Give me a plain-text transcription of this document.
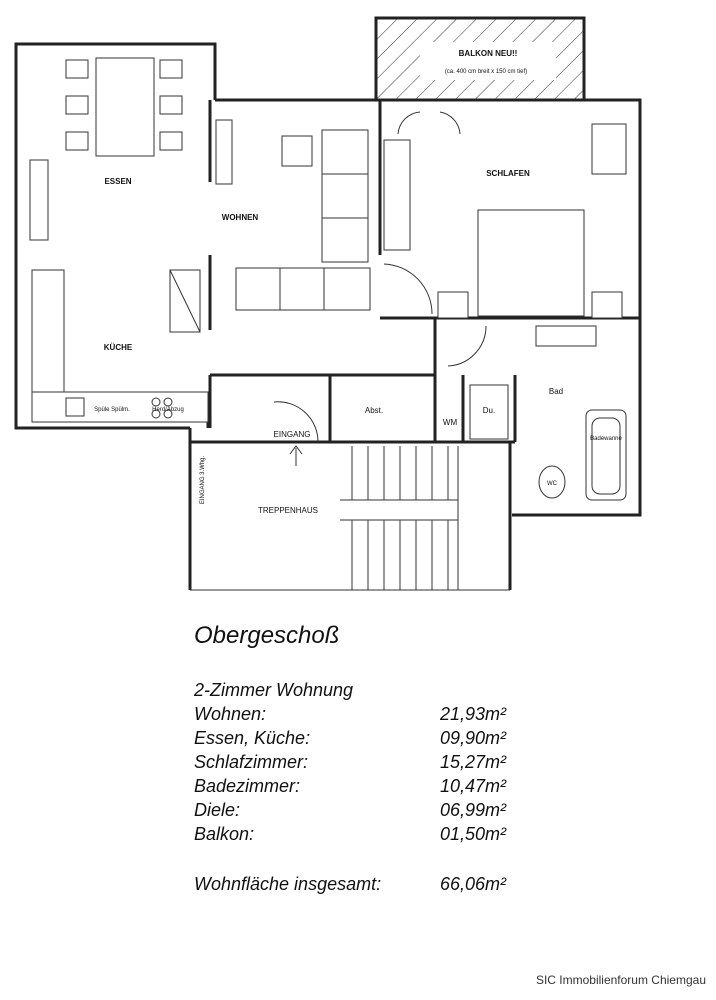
BALKON NEU!!
(ca. 400 cm breit x 150 cm tief)
ESSEN
WOHNEN
SCHLAFEN
KÜCHE
Bad
Abst.
WM
Du.
EINGANG
TREPPENHAUS
EINGANG 3.Whg.
Spüle Spülm.	Herd/Abzug
Badewanne
WC
Obergeschoß
2-Zimmer Wohnung
Wohnen:	21,93m²
Essen, Küche:	09,90m²
Schlafzimmer:	15,27m²
Badezimmer:	10,47m²
Diele:	06,99m²
Balkon:	01,50m²
Wohnfläche insgesamt:	66,06m²
SIC Immobilienforum Chiemgau
